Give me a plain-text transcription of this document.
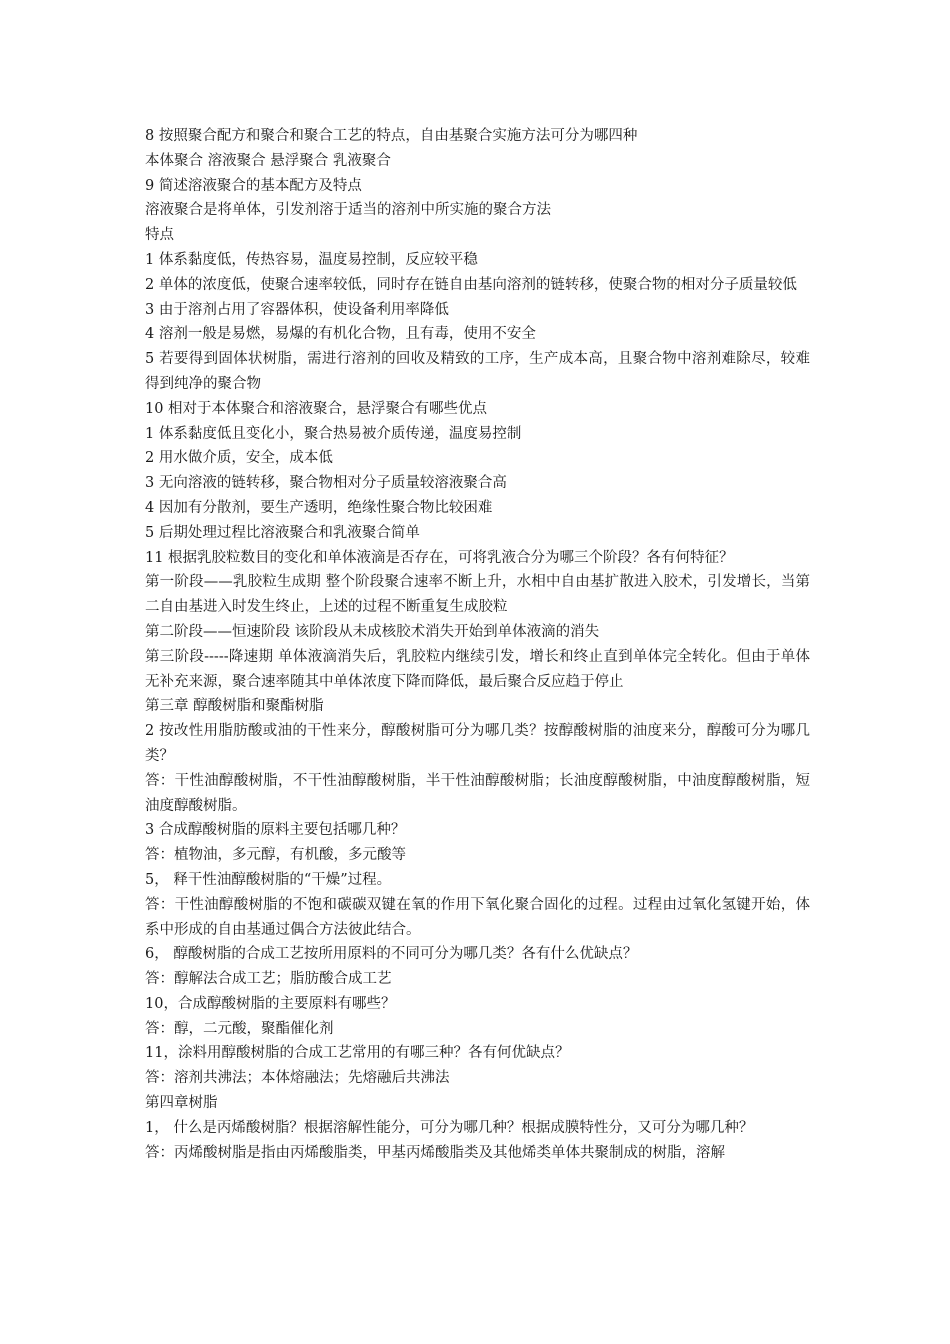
8 按照聚合配方和聚合和聚合工艺的特点，自由基聚合实施方法可分为哪四种
本体聚合 溶液聚合 悬浮聚合 乳液聚合
9 简述溶液聚合的基本配方及特点
溶液聚合是将单体，引发剂溶于适当的溶剂中所实施的聚合方法
特点
1 体系黏度低，传热容易，温度易控制，反应较平稳
2 单体的浓度低，使聚合速率较低，同时存在链自由基向溶剂的链转移，使聚合物的相对分子质量较低
3 由于溶剂占用了容器体积，使设备利用率降低
4 溶剂一般是易燃，易爆的有机化合物，且有毒，使用不安全
5 若要得到固体状树脂，需进行溶剂的回收及精致的工序，生产成本高，且聚合物中溶剂难除尽，较难得到纯净的聚合物
10 相对于本体聚合和溶液聚合，悬浮聚合有哪些优点
1 体系黏度低且变化小，聚合热易被介质传递，温度易控制
2 用水做介质，安全，成本低
3 无向溶液的链转移，聚合物相对分子质量较溶液聚合高
4 因加有分散剂，要生产透明，绝缘性聚合物比较困难
5 后期处理过程比溶液聚合和乳液聚合简单
11 根据乳胶粒数目的变化和单体液滴是否存在，可将乳液合分为哪三个阶段？各有何特征？
第一阶段——乳胶粒生成期 整个阶段聚合速率不断上升，水相中自由基扩散进入胶术，引发增长，当第二自由基进入时发生终止，上述的过程不断重复生成胶粒
第二阶段——恒速阶段 该阶段从未成核胶术消失开始到单体液滴的消失
第三阶段-----降速期 单体液滴消失后，乳胶粒内继续引发，增长和终止直到单体完全转化。但由于单体无补充来源，聚合速率随其中单体浓度下降而降低，最后聚合反应趋于停止
第三章 醇酸树脂和聚酯树脂
2 按改性用脂肪酸或油的干性来分，醇酸树脂可分为哪几类？按醇酸树脂的油度来分，醇酸可分为哪几类？
答：干性油醇酸树脂，不干性油醇酸树脂，半干性油醇酸树脂；长油度醇酸树脂，中油度醇酸树脂，短油度醇酸树脂。
3 合成醇酸树脂的原料主要包括哪几种？
答：植物油，多元醇，有机酸，多元酸等
5， 释干性油醇酸树脂的“干燥”过程。
答：干性油醇酸树脂的不饱和碳碳双键在氧的作用下氧化聚合固化的过程。过程由过氧化氢键开始，体系中形成的自由基通过偶合方法彼此结合。
6， 醇酸树脂的合成工艺按所用原料的不同可分为哪几类？各有什么优缺点？
答：醇解法合成工艺；脂肪酸合成工艺
10，合成醇酸树脂的主要原料有哪些？
答：醇，二元酸，聚酯催化剂
11，涂料用醇酸树脂的合成工艺常用的有哪三种？各有何优缺点？
答：溶剂共沸法；本体熔融法；先熔融后共沸法
第四章树脂
1， 什么是丙烯酸树脂？根据溶解性能分，可分为哪几种？根据成膜特性分，又可分为哪几种？
答：丙烯酸树脂是指由丙烯酸脂类，甲基丙烯酸脂类及其他烯类单体共聚制成的树脂，溶解
